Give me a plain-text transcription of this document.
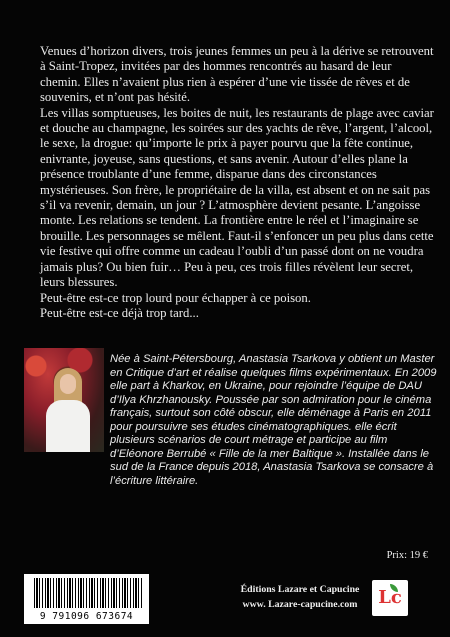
Venues d’horizon divers, trois jeunes femmes un peu à la dérive se retrouvent à Saint-Tropez, invitées par des hommes rencontrés au hasard de leur chemin. Elles n’avaient plus rien à espérer d’une vie tissée de rêves et de souvenirs, et n’ont pas hésité.

Les villas somptueuses, les boites de nuit, les restaurants de plage avec caviar et douche au champagne, les soirées sur des yachts de rêve, l’argent, l’alcool, le sexe, la drogue: qu’importe le prix à payer pourvu que la fête continue, enivrante, joyeuse, sans questions, et sans avenir. Autour d’elles plane la présence troublante d’une femme, disparue dans des circonstances mystérieuses. Son frère, le propriétaire de la villa, est absent et on ne sait pas s’il va revenir, demain, un jour ? L’atmosphère devient pesante. L’angoisse monte. Les relations se tendent. La frontière entre le réel et l’imaginaire se brouille. Les personnages se mêlent. Faut-il s’enfoncer un peu plus dans cette vie festive qui offre comme un cadeau l’oubli d’un passé dont on ne voudra jamais plus? Ou bien fuir… Peu à peu, ces trois filles révèlent leur secret, leurs blessures.

Peut-être est-ce trop lourd pour échapper à ce poison.

Peut-être est-ce déjà trop tard...

Née à Saint-Pétersbourg, Anastasia Tsarkova y obtient un Master en Critique d’art et réalise quelques films expérimentaux. En 2009 elle part à Kharkov, en Ukraine, pour rejoindre l’équipe de DAU d’Ilya Khrzhanousky. Poussée par son admiration pour le cinéma français, surtout son côté obscur, elle déménage à Paris en 2011 pour poursuivre ses études cinématographiques. elle écrit plusieurs scénarios de court métrage et participe au film d’Eléonore Berrubé « Fille de la mer Baltique ». Installée dans le sud de la France depuis 2018, Anastasia Tsarkova se consacre à l’écriture littéraire.

Prix: 19 €
9 791096 673674
Éditions Lazare et Capucine
www. Lazare-capucine.com	Lc
